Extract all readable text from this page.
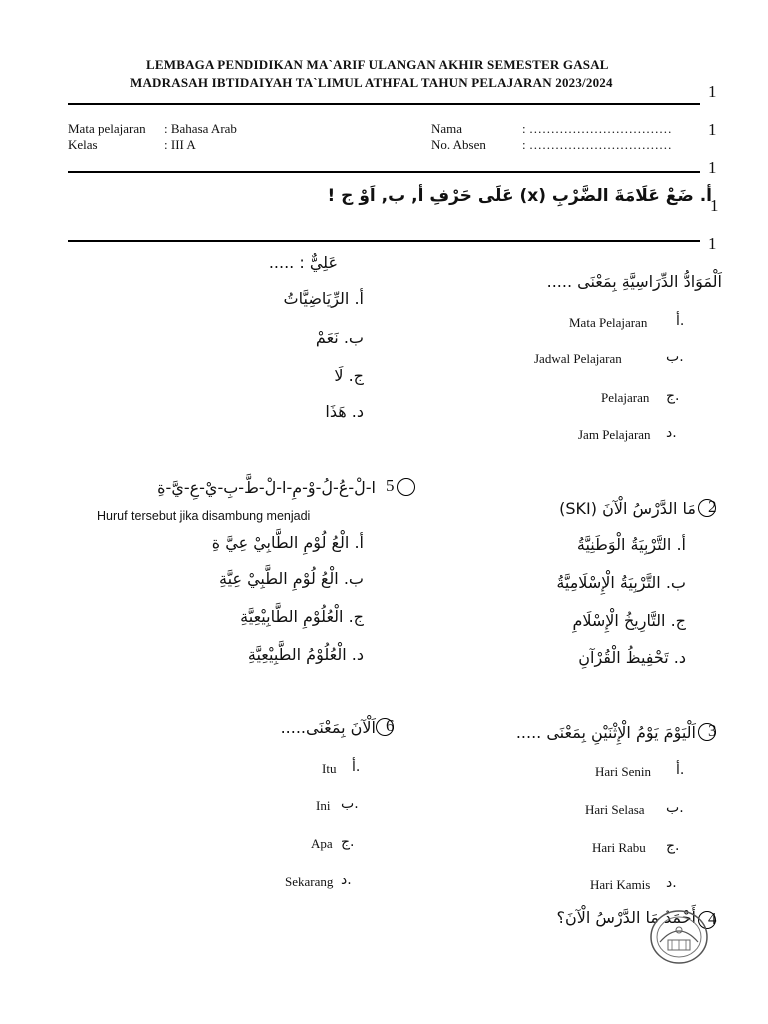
LEMBAGA PENDIDIKAN MA`ARIF ULANGAN AKHIR SEMESTER GASAL
MADRASAH IBTIDAIYAH TA`LIMUL ATHFAL TAHUN PELAJARAN 2023/2024
Mata pelajaran : Bahasa Arab
Kelas	: III A
Nama	: ……………………………
No. Absen	: ……………………………
1
1
1
1
1
أ. ضَعْ عَلَامَةَ الضَّرْبِ (x) عَلَى حَرْفِ أ, ب, اَوْ ج !
اَلْمَوَادُّ الدِّرَاسِيَّةِ بِمَعْنَى .....
Mata Pelajaran أ.
Jadwal Pelajaran	ب.
Pelajaran ج.
Jam Pelajaran د.
عَلِيٌّ : .....
أ. الرِّيَاضِيَّاتُ
ب. نَعَمْ
ج. لَا
د. هَذَا
5
ا-لْ-عُ-لُ-وْ-مِ-ا-لْ-طَّ-بِ-يْ-عِ-يَّ-ةِ
Huruf tersebut jika disambung menjadi
أ. الْعُ لُوْمِ الطَّابِيْ عِيَّ ةِ
ب. الْعُ لُوْمِ الطَّبِيْ عِيَّةِ
ج. الْعُلُوْمِ الطَّابِيْعِيَّةِ
د. الْعُلُوْمُ الطَّبِيْعِيَّةِ
2
مَا الدَّرْسُ الْآنَ (SKI)
أ. التَّرْبِيَةُ الْوَطَنِيَّةُ
ب. التَّرْبِيَةُ الْإِسْلَامِيَّةُ
ج. التَّارِيخُ الْإِسْلَامِ
د. تَحْفِيظُ الْقُرْآنِ
6
اَلْآنَ بِمَعْنَى.....
Itu أ.
Ini ب.
Apa ج.
Sekarang د.
3
اَلْيَوْمَ يَوْمُ الْإِثْنَيْنِ بِمَعْنَى .....
Hari Senin أ.
Hari Selasa ب.
Hari Rabu ج.
Hari Kamis د.
4
أَحْمَدُ مَا الدَّرْسُ الْآنَ؟
